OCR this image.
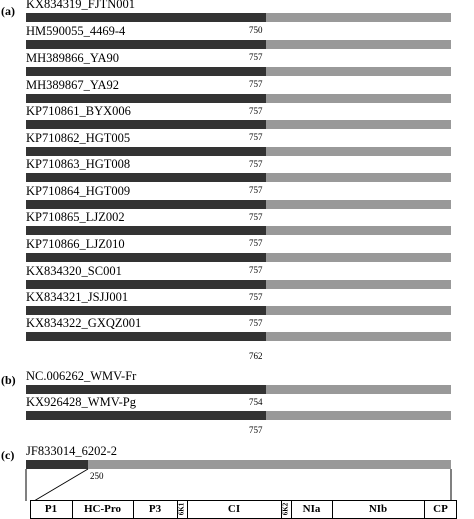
(a) KX834319_FJTN001
750
HM590055_4469-4
757
MH389866_YA90
757
MH389867_YA92
757
KP710861_BYX006
757
KP710862_HGT005
757
KP710863_HGT008
757
KP710864_HGT009
757
KP710865_LJZ002
757
KP710866_LJZ010
757
KX834320_SC001
757
KX834321_JSJJ001
757
KX834322_GXQZ001
762
(b) NC.006262_WMV-Fr
754
KX926428_WMV-Pg
757
(c) JF833014_6202-2
250
P1 HC-Pro	P3 6K1	CI	6K2 NIa	NIb	CP
